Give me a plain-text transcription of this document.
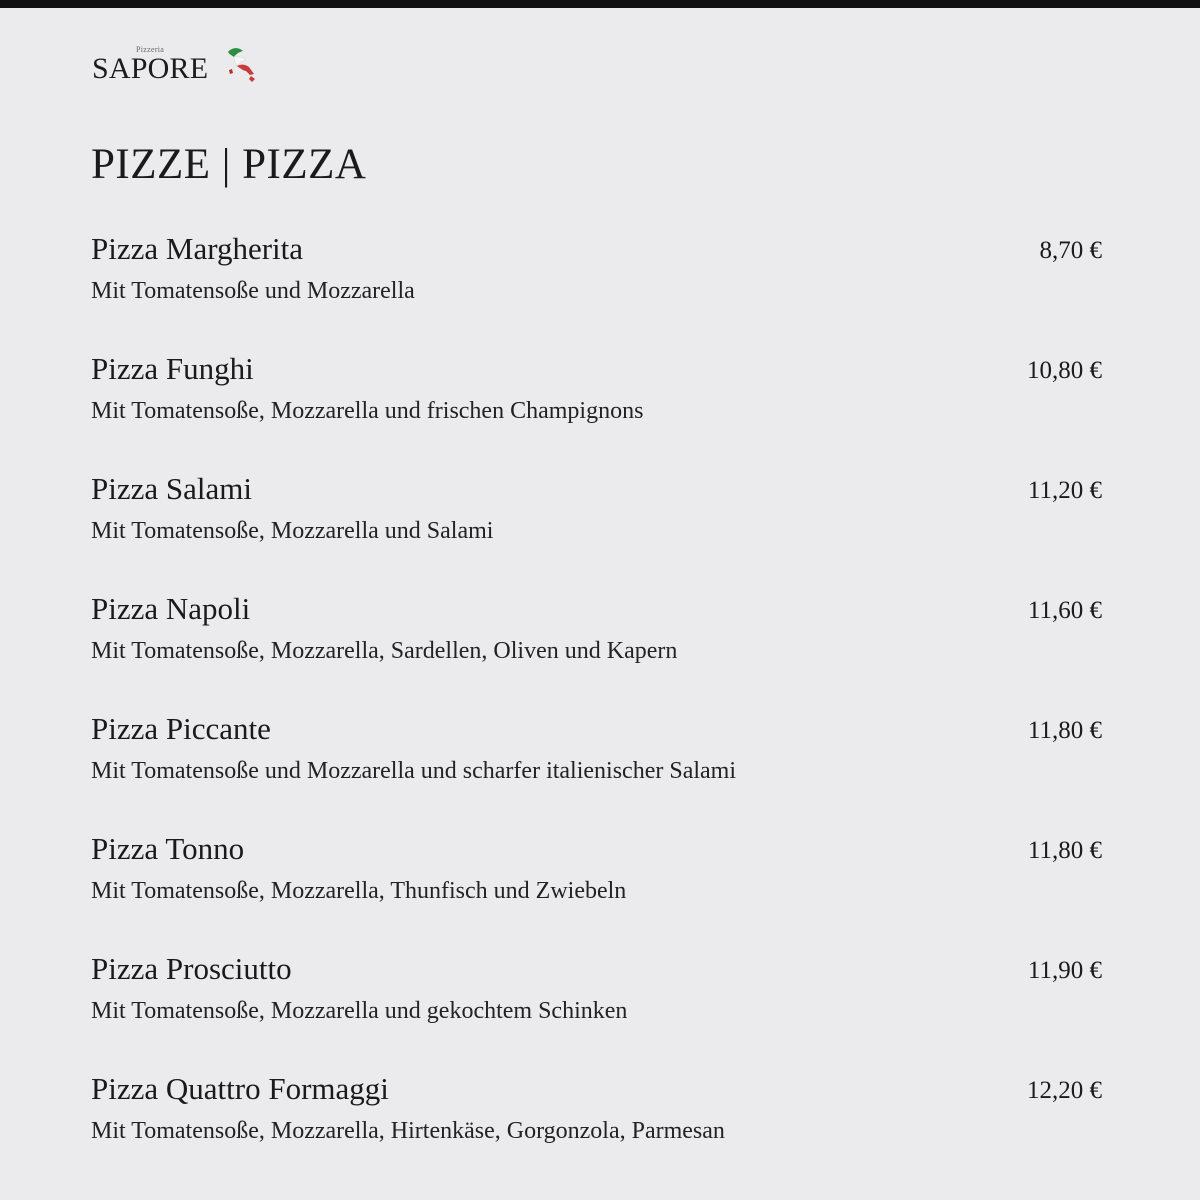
Pizzeria
SAPORE
PIZZE | PIZZA
Pizza Margherita
Mit Tomatensoße und Mozzarella
8,70 €
Pizza Funghi
Mit Tomatensoße, Mozzarella und frischen Champignons
10,80 €
Pizza Salami
Mit Tomatensoße, Mozzarella und Salami
11,20 €
Pizza Napoli
Mit Tomatensoße, Mozzarella, Sardellen, Oliven und Kapern
11,60 €
Pizza Piccante
Mit Tomatensoße und Mozzarella und scharfer italienischer Salami
11,80 €
Pizza Tonno
Mit Tomatensoße, Mozzarella, Thunfisch und Zwiebeln
11,80 €
Pizza Prosciutto
Mit Tomatensoße, Mozzarella und gekochtem Schinken
11,90 €
Pizza Quattro Formaggi
Mit Tomatensoße, Mozzarella, Hirtenkäse, Gorgonzola, Parmesan
12,20 €
